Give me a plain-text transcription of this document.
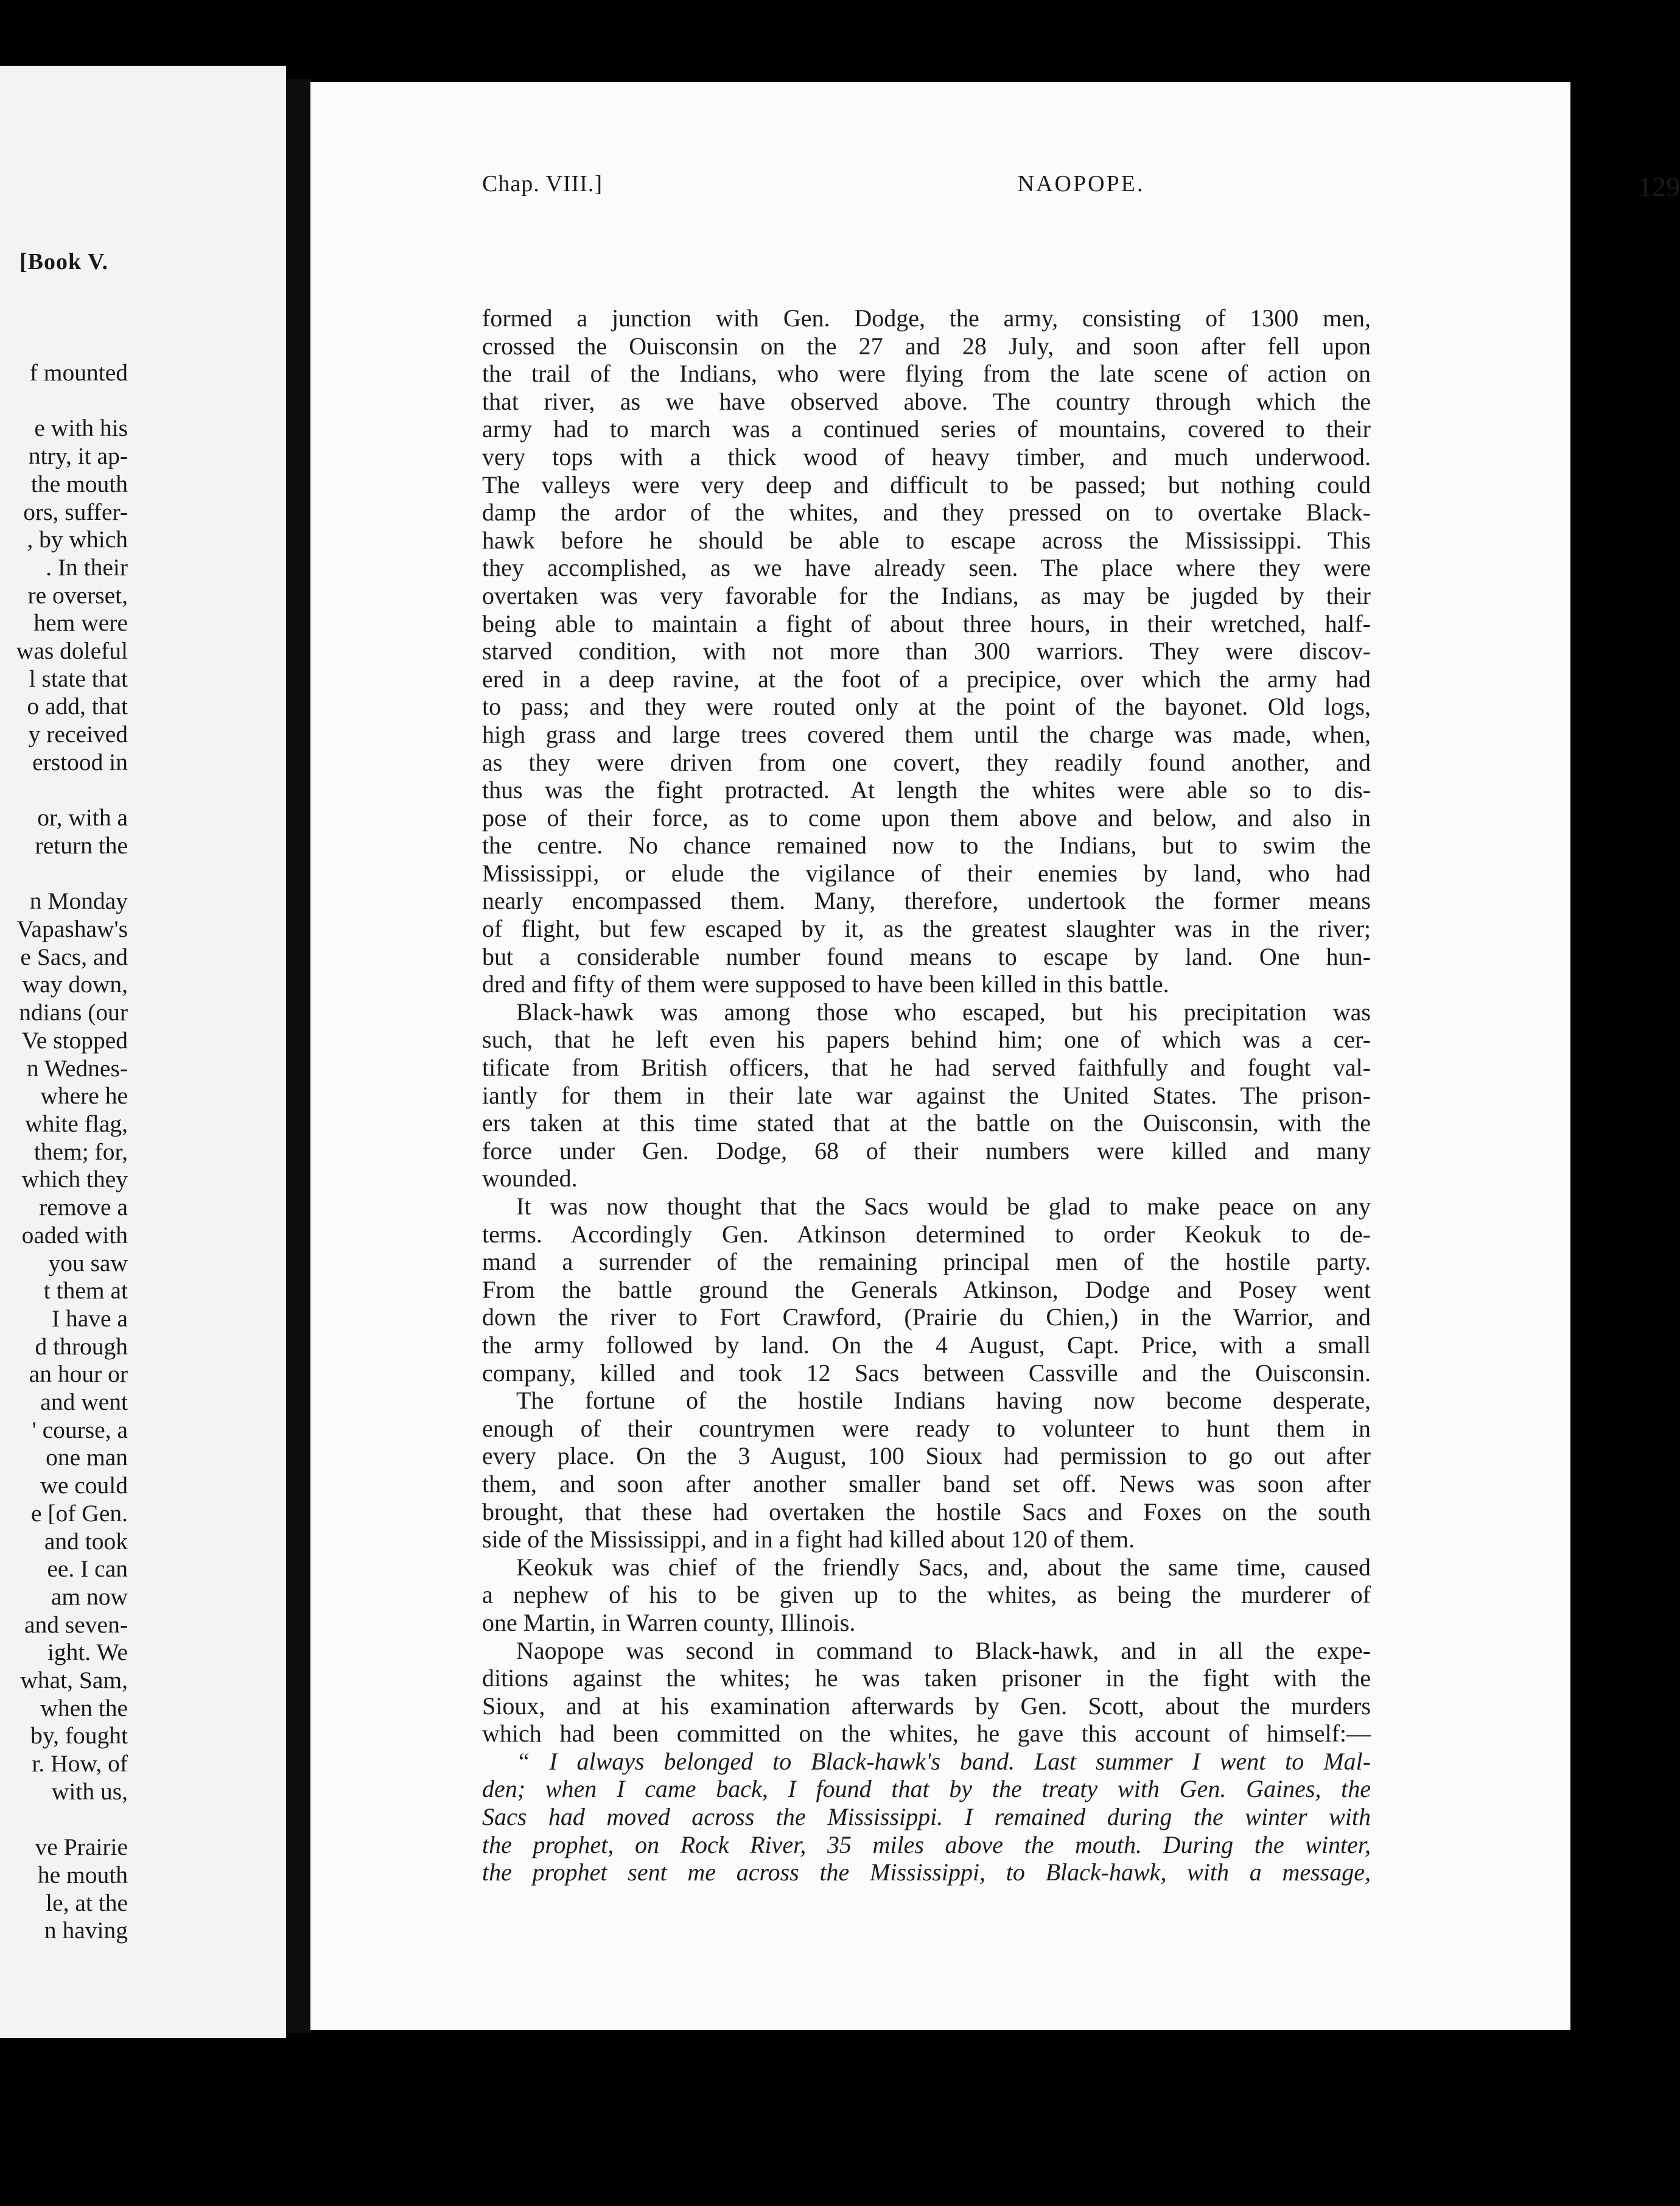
[Book V.
f mounted

e with his
ntry, it ap-
the mouth
ors, suffer-
, by which
. In their
re overset,
hem were
was doleful
l state that
o add, that
y received
erstood in

or, with a
return the

n Monday
Vapashaw's
e Sacs, and
way down,
ndians (our
Ve stopped
n Wednes-
where he
white flag,
them; for,
which they
remove a
oaded with
you saw
t them at
I have a
d through
an hour or
and went
' course, a
one man
we could
e [of Gen.
and took
ee. I can
am now
and seven-
ight. We
what, Sam,
when the
by, fought
r. How, of
with us,

ve Prairie
he mouth
le, at the
n having
Chap. VIII.]	NAOPOPE.	129
formed a junction with Gen. Dodge, the army, consisting of 1300 men,
crossed the Ouisconsin on the 27 and 28 July, and soon after fell upon
the trail of the Indians, who were flying from the late scene of action on
that river, as we have observed above. The country through which the
army had to march was a continued series of mountains, covered to their
very tops with a thick wood of heavy timber, and much underwood.
The valleys were very deep and difficult to be passed; but nothing could
damp the ardor of the whites, and they pressed on to overtake Black-
hawk before he should be able to escape across the Mississippi. This
they accomplished, as we have already seen. The place where they were
overtaken was very favorable for the Indians, as may be jugded by their
being able to maintain a fight of about three hours, in their wretched, half-
starved condition, with not more than 300 warriors. They were discov-
ered in a deep ravine, at the foot of a precipice, over which the army had
to pass; and they were routed only at the point of the bayonet. Old logs,
high grass and large trees covered them until the charge was made, when,
as they were driven from one covert, they readily found another, and
thus was the fight protracted. At length the whites were able so to dis-
pose of their force, as to come upon them above and below, and also in
the centre. No chance remained now to the Indians, but to swim the
Mississippi, or elude the vigilance of their enemies by land, who had
nearly encompassed them. Many, therefore, undertook the former means
of flight, but few escaped by it, as the greatest slaughter was in the river;
but a considerable number found means to escape by land. One hun-
dred and fifty of them were supposed to have been killed in this battle.
Black-hawk was among those who escaped, but his precipitation was
such, that he left even his papers behind him; one of which was a cer-
tificate from British officers, that he had served faithfully and fought val-
iantly for them in their late war against the United States. The prison-
ers taken at this time stated that at the battle on the Ouisconsin, with the
force under Gen. Dodge, 68 of their numbers were killed and many
wounded.
It was now thought that the Sacs would be glad to make peace on any
terms. Accordingly Gen. Atkinson determined to order Keokuk to de-
mand a surrender of the remaining principal men of the hostile party.
From the battle ground the Generals Atkinson, Dodge and Posey went
down the river to Fort Crawford, (Prairie du Chien,) in the Warrior, and
the army followed by land. On the 4 August, Capt. Price, with a small
company, killed and took 12 Sacs between Cassville and the Ouisconsin.
The fortune of the hostile Indians having now become desperate,
enough of their countrymen were ready to volunteer to hunt them in
every place. On the 3 August, 100 Sioux had permission to go out after
them, and soon after another smaller band set off. News was soon after
brought, that these had overtaken the hostile Sacs and Foxes on the south
side of the Mississippi, and in a fight had killed about 120 of them.
Keokuk was chief of the friendly Sacs, and, about the same time, caused
a nephew of his to be given up to the whites, as being the murderer of
one Martin, in Warren county, Illinois.
Naopope was second in command to Black-hawk, and in all the expe-
ditions against the whites; he was taken prisoner in the fight with the
Sioux, and at his examination afterwards by Gen. Scott, about the murders
which had been committed on the whites, he gave this account of himself:—
“ I always belonged to Black-hawk's band. Last summer I went to Mal-
den; when I came back, I found that by the treaty with Gen. Gaines, the
Sacs had moved across the Mississippi. I remained during the winter with
the prophet, on Rock River, 35 miles above the mouth. During the winter,
the prophet sent me across the Mississippi, to Black-hawk, with a message,
